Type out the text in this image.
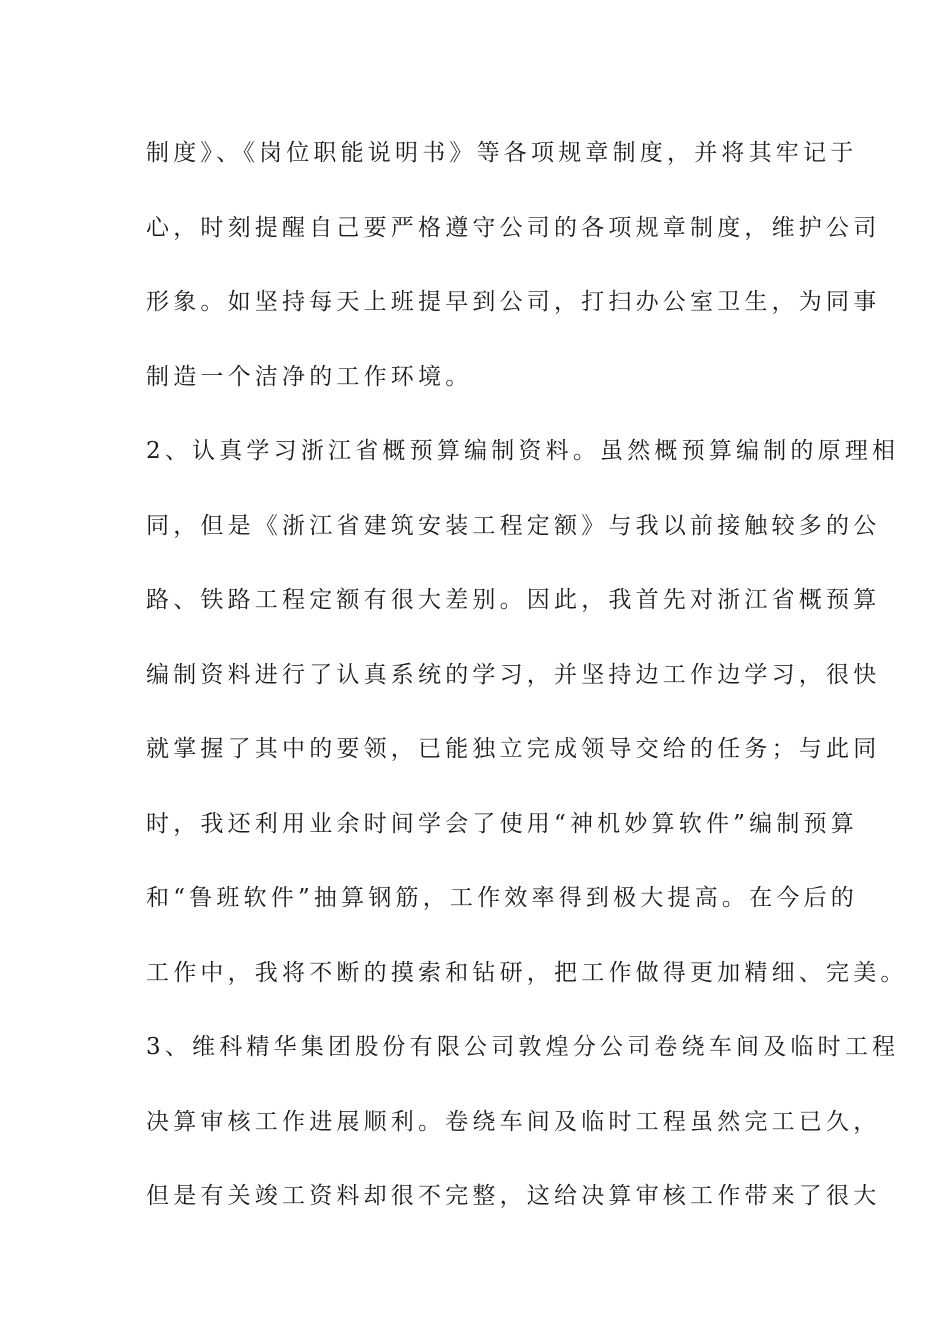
制度》、《岗位职能说明书》等各项规章制度，并将其牢记于
心，时刻提醒自己要严格遵守公司的各项规章制度，维护公司
形象。如坚持每天上班提早到公司，打扫办公室卫生，为同事
制造一个洁净的工作环境。
2、认真学习浙江省概预算编制资料。虽然概预算编制的原理相
同，但是《浙江省建筑安装工程定额》与我以前接触较多的公
路、铁路工程定额有很大差别。因此，我首先对浙江省概预算
编制资料进行了认真系统的学习，并坚持边工作边学习，很快
就掌握了其中的要领，已能独立完成领导交给的任务；与此同
时，我还利用业余时间学会了使用“神机妙算软件”编制预算
和“鲁班软件”抽算钢筋，工作效率得到极大提高。在今后的
工作中，我将不断的摸索和钻研，把工作做得更加精细、完美。
3、维科精华集团股份有限公司敦煌分公司卷绕车间及临时工程
决算审核工作进展顺利。卷绕车间及临时工程虽然完工已久，
但是有关竣工资料却很不完整，这给决算审核工作带来了很大
